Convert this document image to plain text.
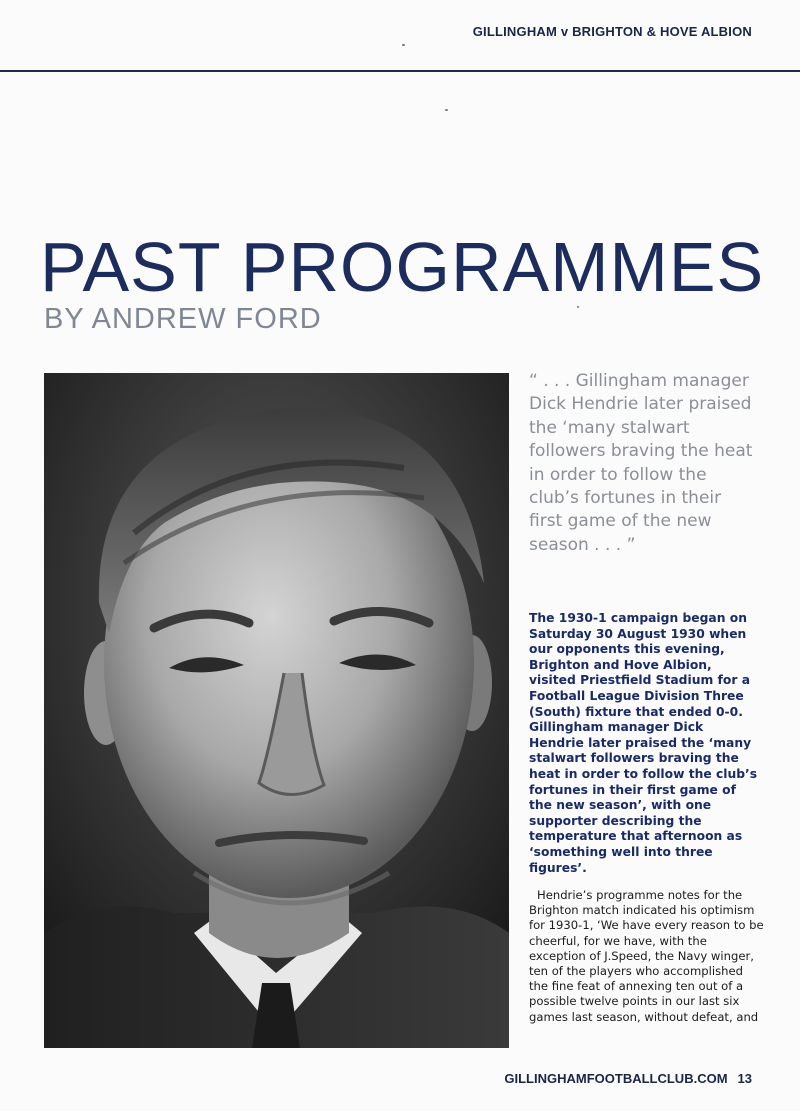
GILLINGHAM v BRIGHTON & HOVE ALBION
PAST PROGRAMMES
BY ANDREW FORD
“ . . . Gillingham manager Dick Hendrie later praised the ‘many stalwart followers braving the heat in order to follow the club’s fortunes in their first game of the new season . . . ”

The 1930-1 campaign began on Saturday 30 August 1930 when our opponents this evening, Brighton and Hove Albion, visited Priestfield Stadium for a Football League Division Three (South) fixture that ended 0-0. Gillingham manager Dick Hendrie later praised the ‘many stalwart followers braving the heat in order to follow the club’s fortunes in their first game of the new season’, with one supporter describing the temperature that afternoon as ‘something well into three figures’.

Hendrie’s programme notes for the Brighton match indicated his optimism for 1930-1, ‘We have every reason to be cheerful, for we have, with the exception of J.Speed, the Navy winger, ten of the players who accomplished the fine feat of annexing ten out of a possible twelve points in our last six games last season, without defeat, and

GILLINGHAMFOOTBALLCLUB.COM 13
